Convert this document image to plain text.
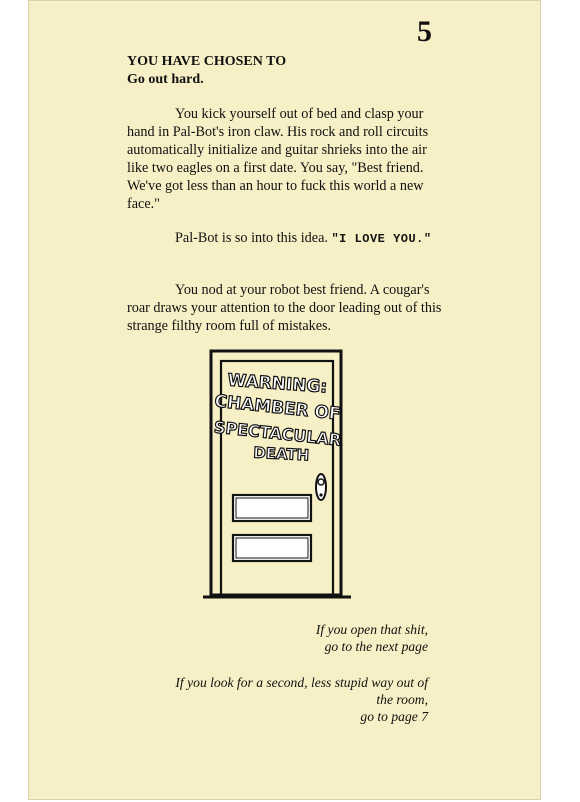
5
YOU HAVE CHOSEN TO
Go out hard.

You kick yourself out of bed and clasp your hand in Pal-Bot's iron claw. His rock and roll circuits automatically initialize and guitar shrieks into the air like two eagles on a first date. You say, "Best friend. We've got less than an hour to fuck this world a new face."

Pal-Bot is so into this idea. "I LOVE YOU."

You nod at your robot best friend. A cougar's roar draws your attention to the door leading out of this strange filthy room full of mistakes.

WARNING:
CHAMBER OF
SPECTACULAR
DEATH
If you open that shit,
go to the next page
If you look for a second, less stupid way out of
the room,
go to page 7
